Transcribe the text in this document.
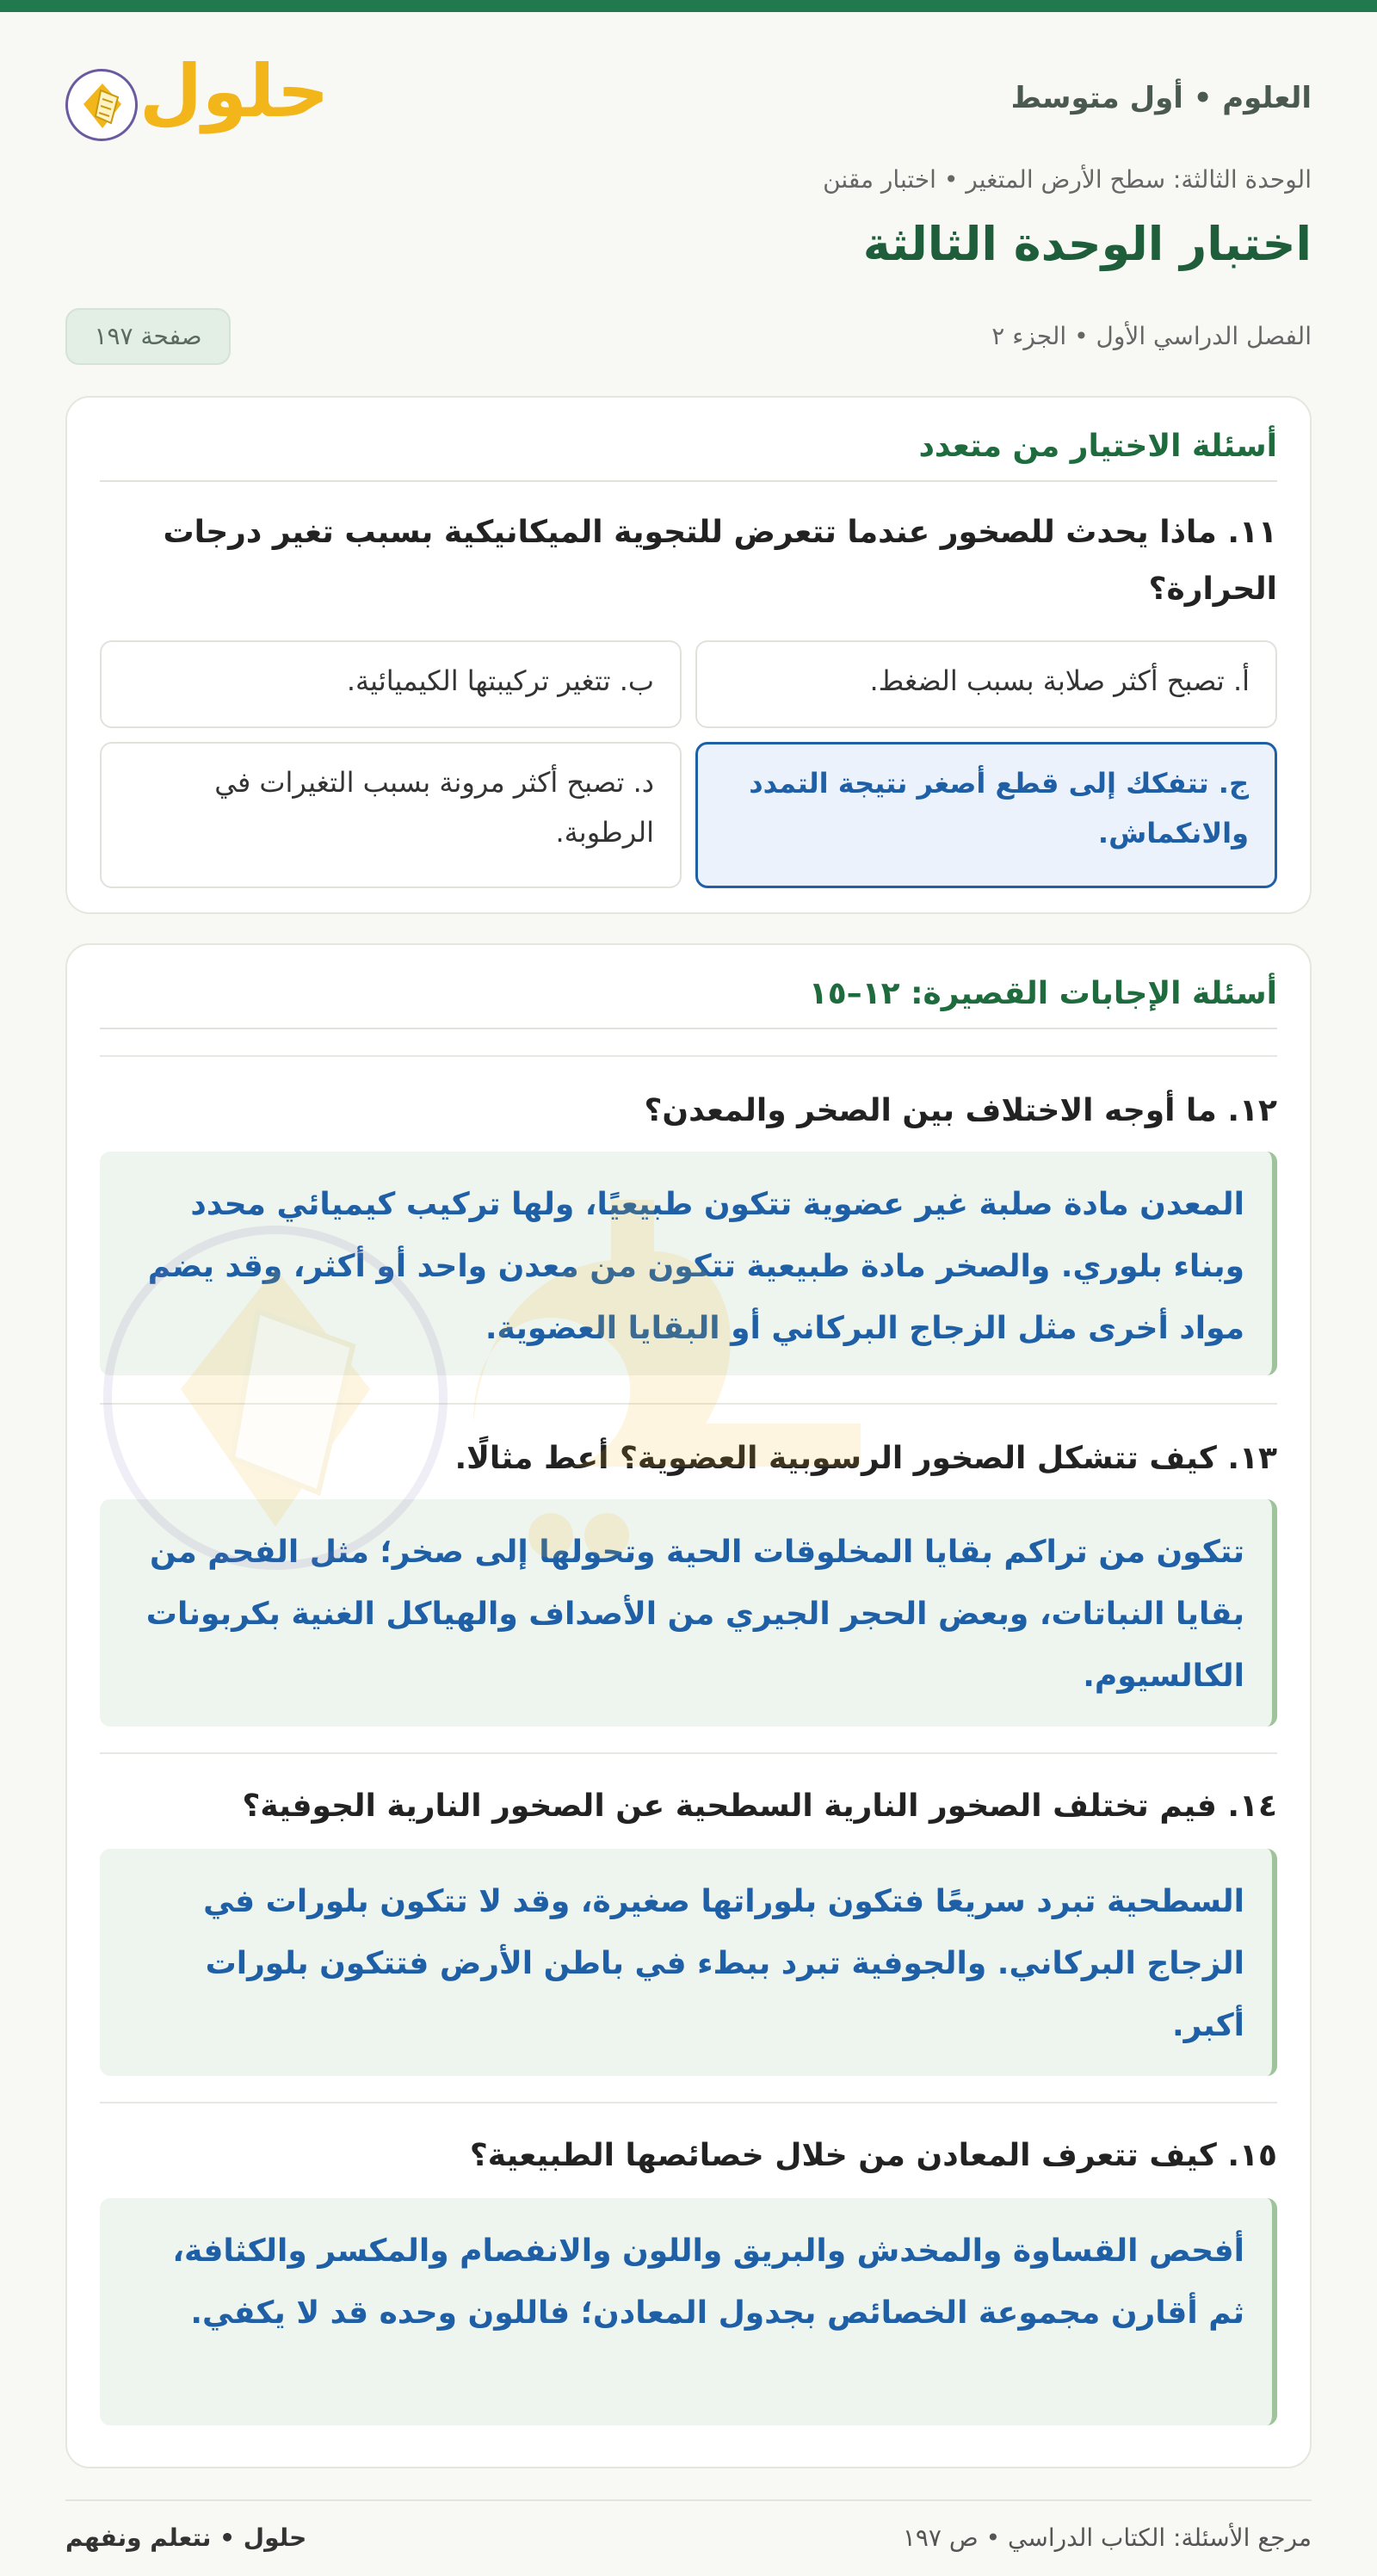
العلوم • أول متوسط
حلول
الوحدة الثالثة: سطح الأرض المتغير • اختبار مقنن
اختبار الوحدة الثالثة
الفصل الدراسي الأول • الجزء ٢
صفحة ١٩٧
أسئلة الاختيار من متعدد
١١. ماذا يحدث للصخور عندما تتعرض للتجوية الميكانيكية بسبب تغير درجات الحرارة؟
أ. تصبح أكثر صلابة بسبب الضغط.
ب. تتغير تركيبتها الكيميائية.
ج. تتفكك إلى قطع أصغر نتيجة التمدد والانكماش.
د. تصبح أكثر مرونة بسبب التغيرات في الرطوبة.
أسئلة الإجابات القصيرة: ١٢–١٥
١٢. ما أوجه الاختلاف بين الصخر والمعدن؟
المعدن مادة صلبة غير عضوية تتكون طبيعيًا، ولها تركيب كيميائي محدد وبناء بلوري. والصخر مادة طبيعية تتكون من معدن واحد أو أكثر، وقد يضم مواد أخرى مثل الزجاج البركاني أو البقايا العضوية.
١٣. كيف تتشكل الصخور الرسوبية العضوية؟ أعط مثالًا.
تتكون من تراكم بقايا المخلوقات الحية وتحولها إلى صخر؛ مثل الفحم من بقايا النباتات، وبعض الحجر الجيري من الأصداف والهياكل الغنية بكربونات الكالسيوم.
١٤. فيم تختلف الصخور النارية السطحية عن الصخور النارية الجوفية؟
السطحية تبرد سريعًا فتكون بلوراتها صغيرة، وقد لا تتكون بلورات في الزجاج البركاني. والجوفية تبرد ببطء في باطن الأرض فتتكون بلورات أكبر.
١٥. كيف تتعرف المعادن من خلال خصائصها الطبيعية؟
أفحص القساوة والمخدش والبريق واللون والانفصام والمكسر والكثافة، ثم أقارن مجموعة الخصائص بجدول المعادن؛ فاللون وحده قد لا يكفي.
مرجع الأسئلة: الكتاب الدراسي • ص ١٩٧
حلول • نتعلم ونفهم
